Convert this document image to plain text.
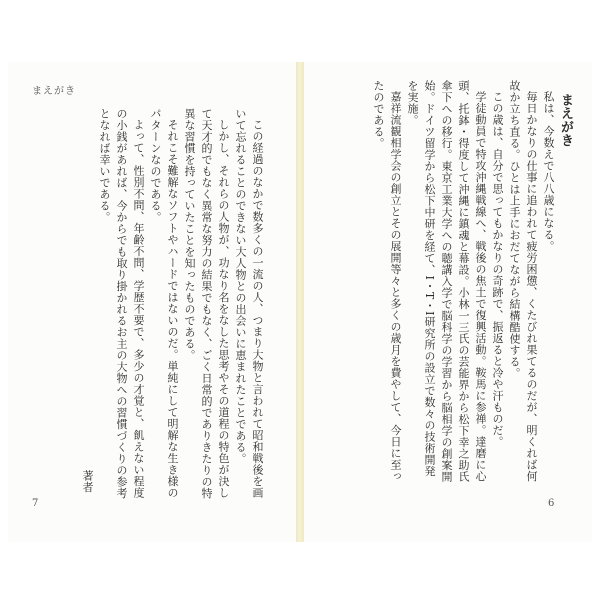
まえがき

この経過のなかで数多くの一流の人、つまり大物と言われて昭和戦後を画いて忘れることのできない大人物との出会いに恵まれたことである。

しかし、それらの人物が、功なり名をなした思考やその道程の特色が決して天才的でもなく異常な努力の結果でもなく、ごく日常的でありきたりの特異な習慣を持っていたことを知ったものである。

それこそ難解なソフトやハードではないのだ。単純にして明解な生き様のパターンなのである。

よって、性別不問、年齢不問、学歴不要で、多少の才覚と、飢えない程度の小銭があれば、今からでも取り掛かれるお主の大物への習慣づくりの参考となれば幸いである。

著者

7

まえがき

私は、今数えで八八歳になる。

毎日かなりの仕事に追われて疲労困憊、くたびれ果てるのだが、明くれば何故か立ち直る。ひとは上手におだてながら結構酷使する。

この歳は、自分で思ってもかなりの奇跡で、振返ると冷や汗ものだ。

学徒動員で特攻沖縄戦線へ、戦後の焦土で復興活動。鞍馬に参禅。達磨に心頭、托鉢・得度して沖縄に鎮魂と幕設。小林一三氏の芸能界から松下幸之助氏傘下への移行。東京工業大学への聴講入学で脳科学の学習から脳相学の創案開始。ドイツ留学から松下中研を経て、I・T・I研究所の設立で数々の技術開発を実施。

嘉祥流観相学会の創立とその展開等々と多くの歳月を費やして、今日に至ったのである。

6
